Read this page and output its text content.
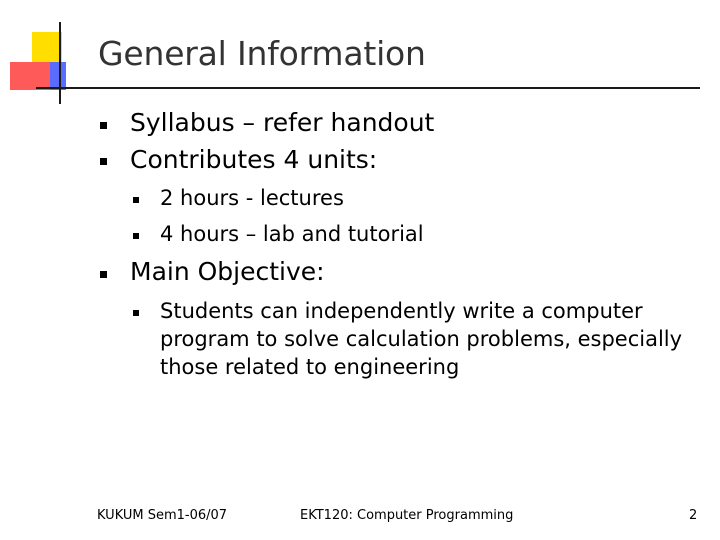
General Information
Syllabus – refer handout
Contributes 4 units:
2 hours - lectures
4 hours – lab and tutorial
Main Objective:
Students can independently write a computer program to solve calculation problems, especially those related to engineering
KUKUM Sem1-06/07	EKT120: Computer Programming	2
